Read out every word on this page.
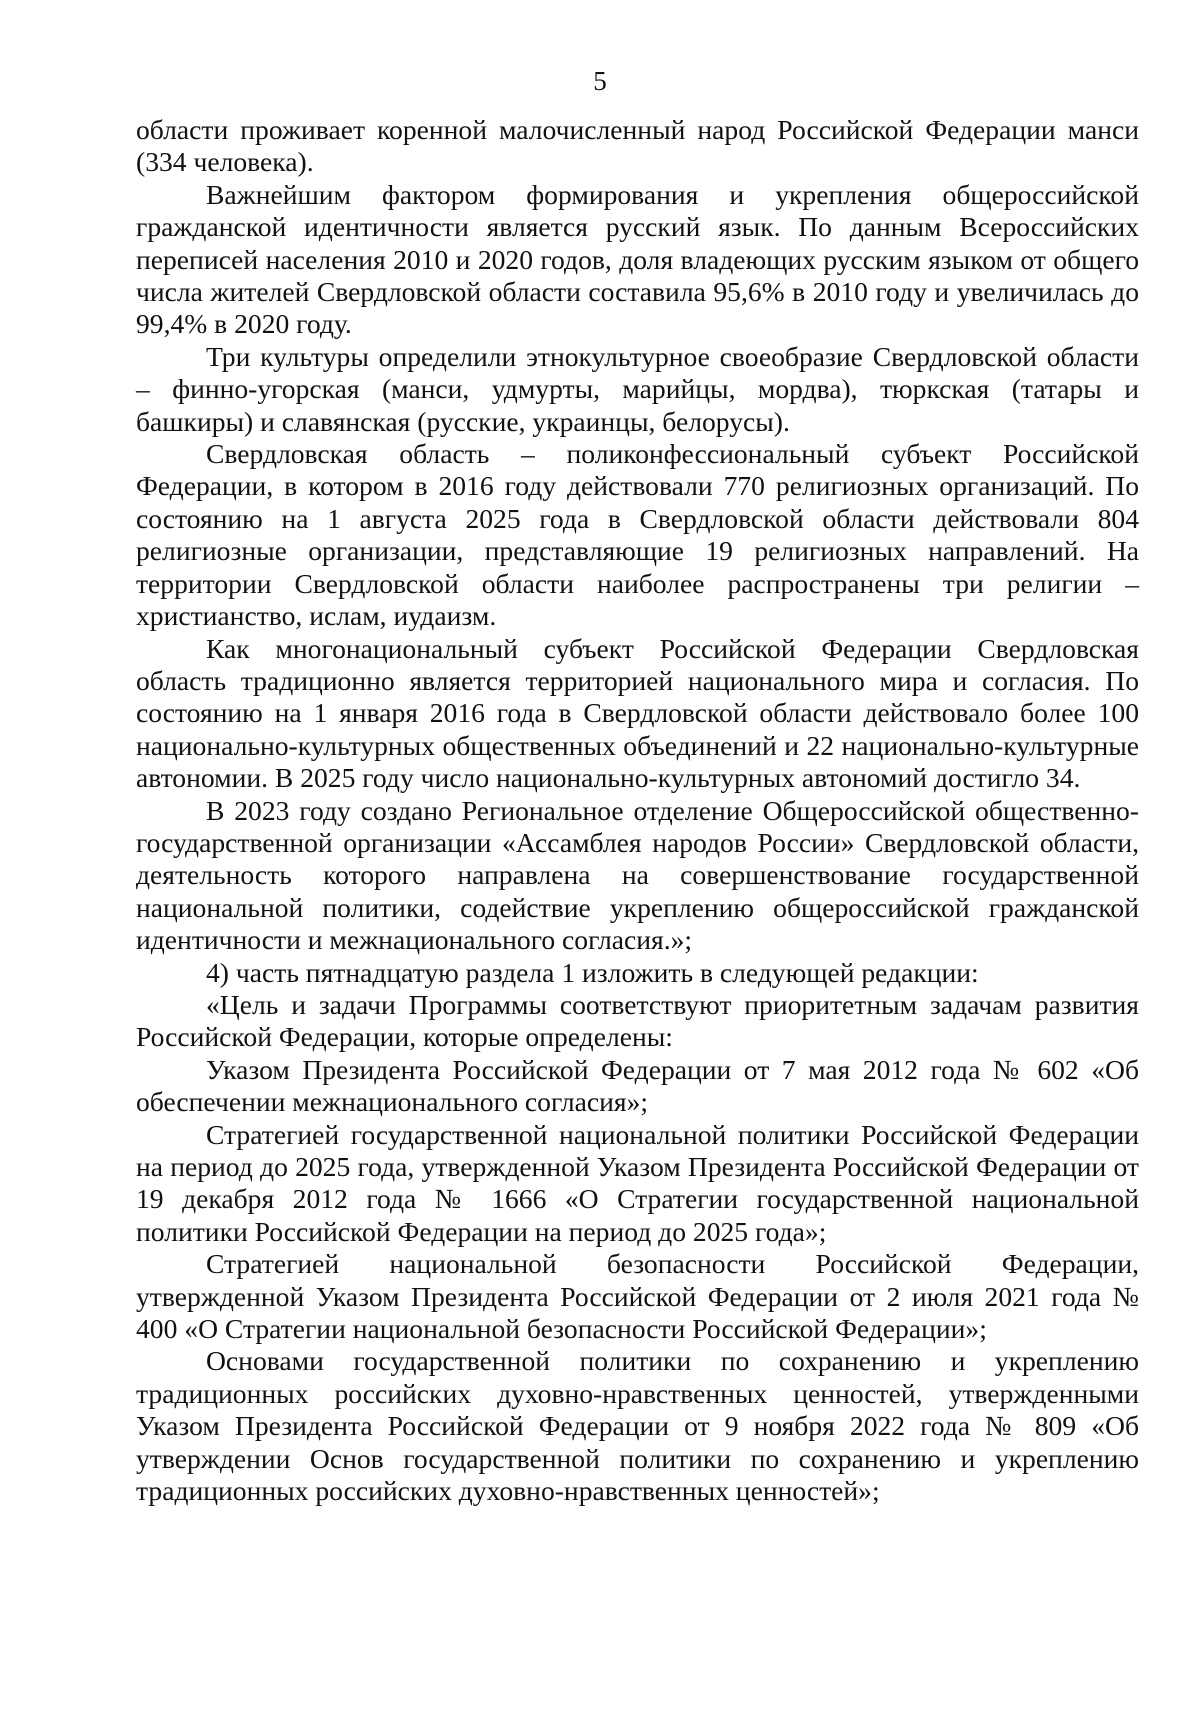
5

области проживает коренной малочисленный народ Российской Федерации манси (334 человека).

Важнейшим фактором формирования и укрепления общероссийской гражданской идентичности является русский язык. По данным Всероссийских переписей населения 2010 и 2020 годов, доля владеющих русским языком от общего числа жителей Свердловской области составила 95,6% в 2010 году и увеличилась до 99,4% в 2020 году.

Три культуры определили этнокультурное своеобразие Свердловской области – финно-угорская (манси, удмурты, марийцы, мордва), тюркская (татары и башкиры) и славянская (русские, украинцы, белорусы).

Свердловская область – поликонфессиональный субъект Российской Федерации, в котором в 2016 году действовали 770 религиозных организаций. По состоянию на 1 августа 2025 года в Свердловской области действовали 804 религиозные организации, представляющие 19 религиозных направлений. На территории Свердловской области наиболее распространены три религии – христианство, ислам, иудаизм.

Как многонациональный субъект Российской Федерации Свердловская область традиционно является территорией национального мира и согласия. По состоянию на 1 января 2016 года в Свердловской области действовало более 100 национально-культурных общественных объединений и 22 национально-культурные автономии. В 2025 году число национально-культурных автономий достигло 34.

В 2023 году создано Региональное отделение Общероссийской общественно-государственной организации «Ассамблея народов России» Свердловской области, деятельность которого направлена на совершенствование государственной национальной политики, содействие укреплению общероссийской гражданской идентичности и межнационального согласия.»;

4) часть пятнадцатую раздела 1 изложить в следующей редакции:

«Цель и задачи Программы соответствуют приоритетным задачам развития Российской Федерации, которые определены:

Указом Президента Российской Федерации от 7 мая 2012 года № 602 «Об обеспечении межнационального согласия»;

Стратегией государственной национальной политики Российской Федерации на период до 2025 года, утвержденной Указом Президента Российской Федерации от 19 декабря 2012 года № 1666 «О Стратегии государственной национальной политики Российской Федерации на период до 2025 года»;

Стратегией национальной безопасности Российской Федерации, утвержденной Указом Президента Российской Федерации от 2 июля 2021 года № 400 «О Стратегии национальной безопасности Российской Федерации»;

Основами государственной политики по сохранению и укреплению традиционных российских духовно-нравственных ценностей, утвержденными Указом Президента Российской Федерации от 9 ноября 2022 года № 809 «Об утверждении Основ государственной политики по сохранению и укреплению традиционных российских духовно-нравственных ценностей»;
